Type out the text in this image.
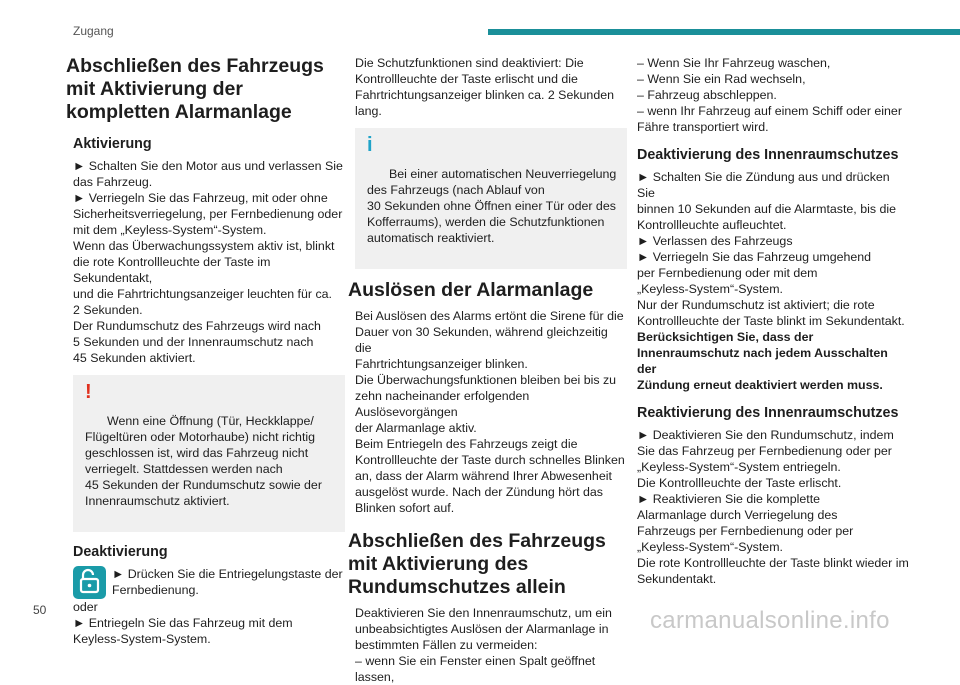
Zugang
Abschließen des Fahrzeugs
mit Aktivierung der
kompletten Alarmanlage
Aktivierung

► Schalten Sie den Motor aus und verlassen Sie
das Fahrzeug.
► Verriegeln Sie das Fahrzeug, mit oder ohne
Sicherheitsverriegelung, per Fernbedienung oder
mit dem „Keyless-System“-System.
Wenn das Überwachungssystem aktiv ist, blinkt
die rote Kontrollleuchte der Taste im Sekundentakt,
und die Fahrtrichtungsanzeiger leuchten für ca.
2 Sekunden.
Der Rundumschutz des Fahrzeugs wird nach
5 Sekunden und der Innenraumschutz nach
45 Sekunden aktiviert.

!

Wenn eine Öffnung (Tür, Heckklappe/
Flügeltüren oder Motorhaube) nicht richtig
geschlossen ist, wird das Fahrzeug nicht
verriegelt. Stattdessen werden nach
45 Sekunden der Rundumschutz sowie der
Innenraumschutz aktiviert.

Deaktivierung

► Drücken Sie die Entriegelungstaste der
Fernbedienung.

oder
► Entriegeln Sie das Fahrzeug mit dem
Keyless-System-System.

Die Schutzfunktionen sind deaktiviert: Die
Kontrollleuchte der Taste erlischt und die
Fahrtrichtungsanzeiger blinken ca. 2 Sekunden
lang.

i

Bei einer automatischen Neuverriegelung
des Fahrzeugs (nach Ablauf von
30 Sekunden ohne Öffnen einer Tür oder des
Kofferraums), werden die Schutzfunktionen
automatisch reaktiviert.

Auslösen der Alarmanlage

Bei Auslösen des Alarms ertönt die Sirene für die
Dauer von 30 Sekunden, während gleichzeitig die
Fahrtrichtungsanzeiger blinken.
Die Überwachungsfunktionen bleiben bei bis zu
zehn nacheinander erfolgenden Auslösevorgängen
der Alarmanlage aktiv.
Beim Entriegeln des Fahrzeugs zeigt die
Kontrollleuchte der Taste durch schnelles Blinken
an, dass der Alarm während Ihrer Abwesenheit
ausgelöst wurde. Nach der Zündung hört das
Blinken sofort auf.

Abschließen des Fahrzeugs
mit Aktivierung des
Rundumschutzes allein

Deaktivieren Sie den Innenraumschutz, um ein
unbeabsichtigtes Auslösen der Alarmanlage in
bestimmten Fällen zu vermeiden:
– wenn Sie ein Fenster einen Spalt geöffnet
lassen,

– Wenn Sie Ihr Fahrzeug waschen,
– Wenn Sie ein Rad wechseln,
– Fahrzeug abschleppen.
– wenn Ihr Fahrzeug auf einem Schiff oder einer
Fähre transportiert wird.

Deaktivierung des Innenraumschutzes

► Schalten Sie die Zündung aus und drücken Sie
binnen 10 Sekunden auf die Alarmtaste, bis die
Kontrollleuchte aufleuchtet.
► Verlassen des Fahrzeugs
► Verriegeln Sie das Fahrzeug umgehend
per Fernbedienung oder mit dem
„Keyless-System“-System.
Nur der Rundumschutz ist aktiviert; die rote
Kontrollleuchte der Taste blinkt im Sekundentakt.

Berücksichtigen Sie, dass der
Innenraumschutz nach jedem Ausschalten der
Zündung erneut deaktiviert werden muss.

Reaktivierung des Innenraumschutzes

► Deaktivieren Sie den Rundumschutz, indem
Sie das Fahrzeug per Fernbedienung oder per
„Keyless-System“-System entriegeln.
Die Kontrollleuchte der Taste erlischt.
► Reaktivieren Sie die komplette
Alarmanlage durch Verriegelung des
Fahrzeugs per Fernbedienung oder per
„Keyless-System“-System.
Die rote Kontrollleuchte der Taste blinkt wieder im
Sekundentakt.

50	carmanualsonline.info
